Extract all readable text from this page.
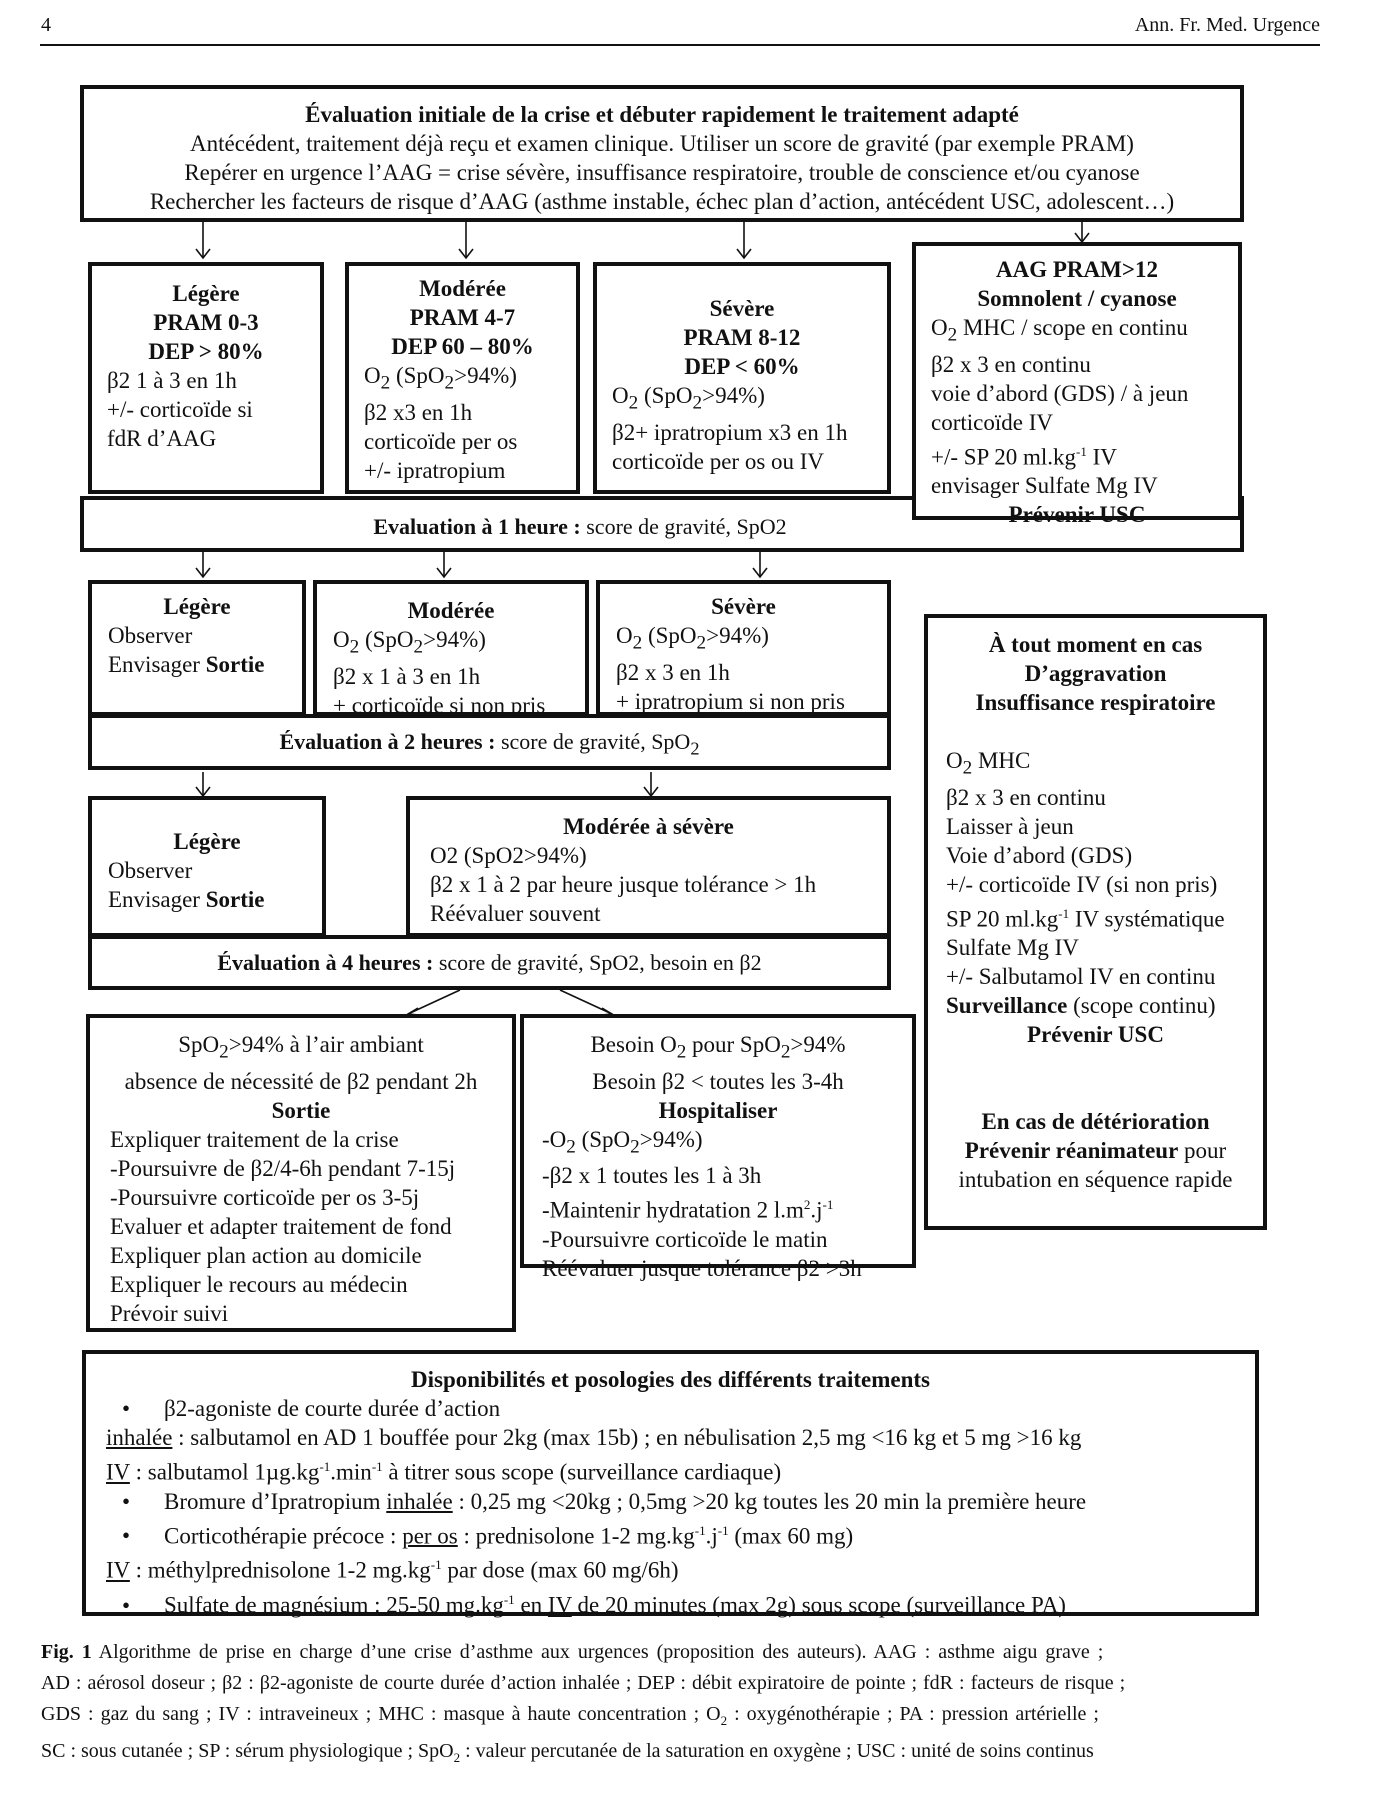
4	Ann. Fr. Med. Urgence
Évaluation initiale de la crise et débuter rapidement le traitement adapté
Antécédent, traitement déjà reçu et examen clinique. Utiliser un score de gravité (par exemple PRAM)
Repérer en urgence l’AAG = crise sévère, insuffisance respiratoire, trouble de conscience et/ou cyanose
Rechercher les facteurs de risque d’AAG (asthme instable, échec plan d’action, antécédent USC, adolescent…)
Evaluation à 1 heure : score de gravité, SpO2
Légère
PRAM 0-3
DEP > 80%
β2 1 à 3 en 1h
+/- corticoïde si
fdR d’AAG
Modérée
PRAM 4-7
DEP 60 – 80%
$O_2$ (SpO$_2$>94%)
β2 x3 en 1h
corticoïde per os
+/- ipratropium
Sévère
PRAM 8-12
DEP < 60%
$O_2$ (SpO$_2$>94%)
β2+ ipratropium x3 en 1h
corticoïde per os ou IV
AAG PRAM>12
Somnolent / cyanose
$O_2$ MHC / scope en continu
β2 x 3 en continu
voie d’abord (GDS) / à jeun
corticoïde IV
+/- SP 20 $ml.kg^{-1}$ IV
envisager Sulfate Mg IV
Prévenir USC
Évaluation à 2 heures : score de gravité, SpO$_2$
Légère
Observer
Envisager Sortie
Modérée
$O_2$ (SpO$_2$>94%)
β2 x 1 à 3 en 1h
+ corticoïde si non pris
Sévère
$O_2$ (SpO$_2$>94%)
β2 x 3 en 1h
+ ipratropium si non pris
Évaluation à 4 heures : score de gravité, SpO2, besoin en β2
Légère
Observer
Envisager Sortie
Modérée à sévère
O2 (SpO2>94%)
β2 x 1 à 2 par heure jusque tolérance > 1h
Réévaluer souvent
SpO$_2$>94% à l’air ambiant
absence de nécessité de β2 pendant 2h
Sortie
Expliquer traitement de la crise
-Poursuivre de β2/4-6h pendant 7-15j
-Poursuivre corticoïde per os 3-5j
Evaluer et adapter traitement de fond
Expliquer plan action au domicile
Expliquer le recours au médecin
Prévoir suivi
Besoin $O_2$ pour SpO$_2$>94%
Besoin β2 < toutes les 3-4h
Hospitaliser
$-O_2$ (SpO$_2$>94%)
-β2 x 1 toutes les 1 à 3h
-Maintenir hydratation 2 $l.m^2.j^{-1}$
-Poursuivre corticoïde le matin
Réévaluer jusque tolérance β2 >3h
À tout moment en cas
D’aggravation
Insuffisance respiratoire
$O_2$ MHC
β2 x 3 en continu
Laisser à jeun
Voie d’abord (GDS)
+/- corticoïde IV (si non pris)
SP 20 $ml.kg^{-1}$ IV systématique
Sulfate Mg IV
+/- Salbutamol IV en continu
Surveillance (scope continu)
Prévenir USC
En cas de détérioration
Prévenir réanimateur pour
intubation en séquence rapide
Disponibilités et posologies des différents traitements
• β2-agoniste de courte durée d’action
inhalée : salbutamol en AD 1 bouffée pour 2kg (max 15b) ; en nébulisation 2,5 mg <16 kg et 5 mg >16 kg
IV : salbutamol $1\mu g.kg^{-1}.\min^{-1}$ à titrer sous scope (surveillance cardiaque)
• Bromure d’Ipratropium inhalée : 0,25 mg <20kg ; 0,5mg >20 kg toutes les 20 min la première heure
• Corticothérapie précoce : per os : prednisolone 1-2 $mg.kg^{-1}.j^{-1}$ (max 60 mg)
IV : méthylprednisolone 1-2 $mg.kg^{-1}$ par dose (max 60 mg/6h)
• Sulfate de magnésium : 25-50 $mg.kg^{-1}$ en IV de 20 minutes (max 2g) sous scope (surveillance PA)
Fig. 1 Algorithme de prise en charge d’une crise d’asthme aux urgences (proposition des auteurs). AAG : asthme aigu grave ;
AD : aérosol doseur ; β2 : β2-agoniste de courte durée d’action inhalée ; DEP : débit expiratoire de pointe ; fdR : facteurs de risque ;
GDS : gaz du sang ; IV : intraveineux ; MHC : masque à haute concentration ; $O_2$ : oxygénothérapie ; PA : pression artérielle ;
SC : sous cutanée ; SP : sérum physiologique ; SpO$_2$ : valeur percutanée de la saturation en oxygène ; USC : unité de soins continus
